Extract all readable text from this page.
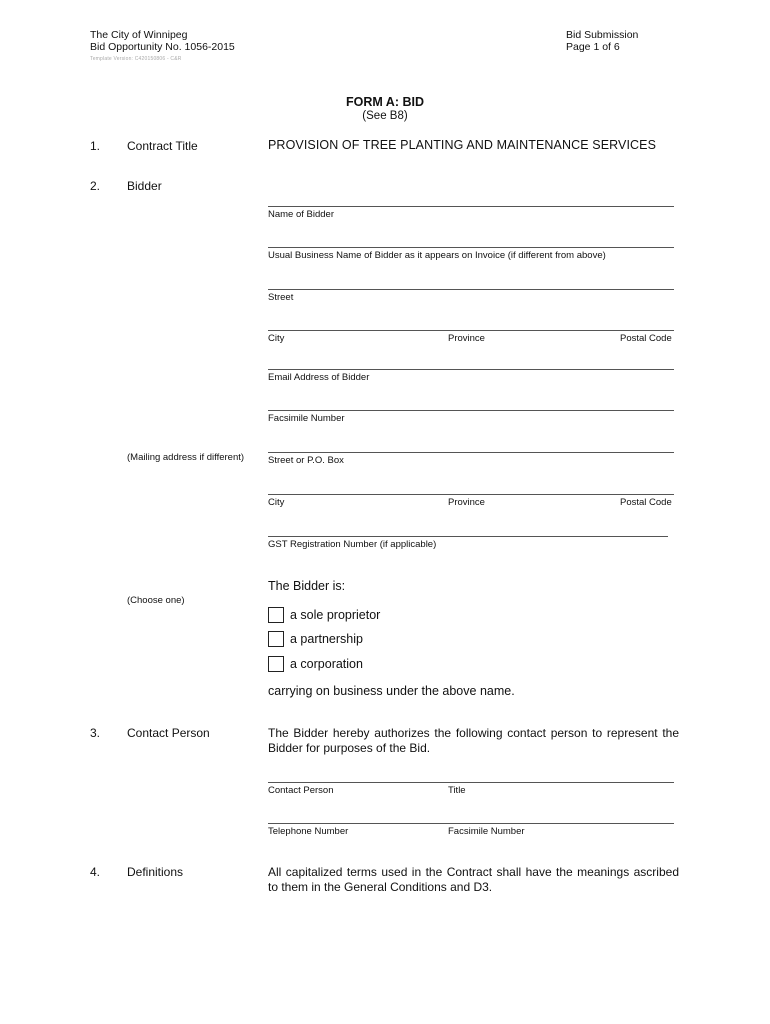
The City of Winnipeg
Bid Opportunity No. 1056-2015
Template Version: C420150806 - C&R
Bid Submission
Page 1 of 6
FORM A: BID
(See B8)
1. Contract Title	PROVISION OF TREE PLANTING AND MAINTENANCE SERVICES
2. Bidder
Name of Bidder
Usual Business Name of Bidder as it appears on Invoice (if different from above)
Street
City	Province	Postal Code
Email Address of Bidder
Facsimile Number
(Mailing address if different)	Street or P.O. Box
City	Province	Postal Code
GST Registration Number (if applicable)
The Bidder is:
(Choose one)
a sole proprietor
a partnership
a corporation
carrying on business under the above name.
3. Contact Person	The Bidder hereby authorizes the following contact person to represent the Bidder for purposes of the Bid.
Contact Person	Title
Telephone Number	Facsimile Number
4. Definitions	All capitalized terms used in the Contract shall have the meanings ascribed to them in the General Conditions and D3.
